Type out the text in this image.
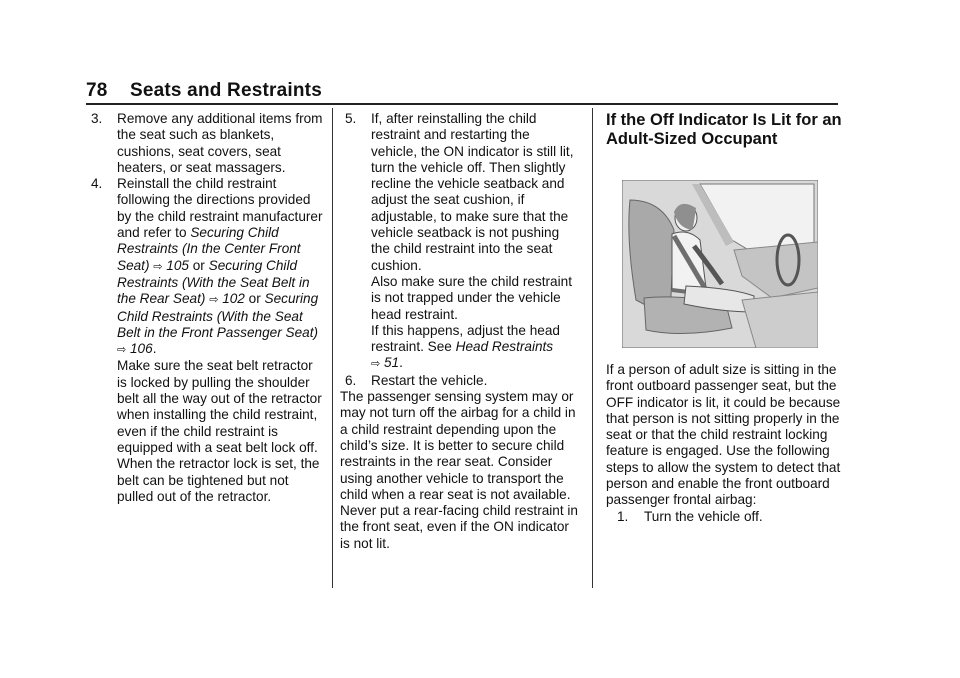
78 Seats and Restraints

3. Remove any additional items from the seat such as blankets, cushions, seat covers, seat heaters, or seat massagers.

4. Reinstall the child restraint following the directions provided by the child restraint manufacturer and refer to Securing Child Restraints (In the Center Front Seat) ⇨ 105 or Securing Child Restraints (With the Seat Belt in the Rear Seat) ⇨ 102 or Securing Child Restraints (With the Seat Belt in the Front Passenger Seat) ⇨ 106.

Make sure the seat belt retractor is locked by pulling the shoulder belt all the way out of the retractor when installing the child restraint, even if the child restraint is equipped with a seat belt lock off. When the retractor lock is set, the belt can be tightened but not pulled out of the retractor.

5. If, after reinstalling the child restraint and restarting the vehicle, the ON indicator is still lit, turn the vehicle off. Then slightly recline the vehicle seatback and adjust the seat cushion, if adjustable, to make sure that the vehicle seatback is not pushing the child restraint into the seat cushion.

Also make sure the child restraint is not trapped under the vehicle head restraint.
If this happens, adjust the head restraint. See Head Restraints
⇨ 51.

6. Restart the vehicle.

The passenger sensing system may or may not turn off the airbag for a child in a child restraint depending upon the child’s size. It is better to secure child restraints in the rear seat. Consider using another vehicle to transport the child when a rear seat is not available. Never put a rear-facing child restraint in the front seat, even if the ON indicator is not lit.

If the Off Indicator Is Lit for an Adult-Sized Occupant

If a person of adult size is sitting in the front outboard passenger seat, but the OFF indicator is lit, it could be because that person is not sitting properly in the seat or that the child restraint locking feature is engaged. Use the following steps to allow the system to detect that person and enable the front outboard passenger frontal airbag:

1. Turn the vehicle off.
